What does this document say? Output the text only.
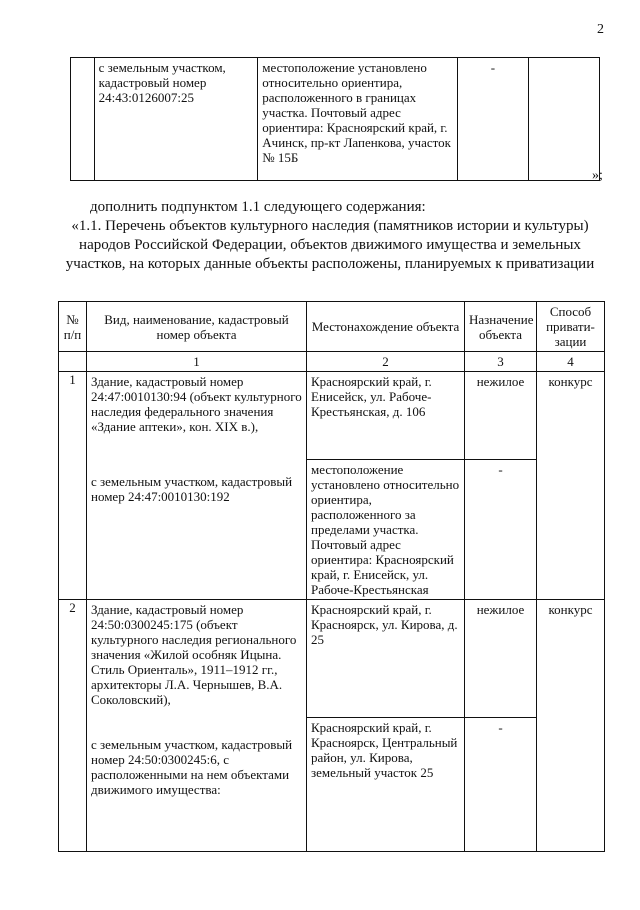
2
	с земельным участком, кадастровый номер 24:43:0126007:25	местоположение установлено относительно ориентира, расположенного в границах участка. Почтовый адрес ориентира: Красноярский край, г. Ачинск, пр-кт Лапенкова, участок № 15Б	-	
»;
дополнить подпунктом 1.1 следующего содержания:
«1.1. Перечень объектов культурного наследия (памятников истории и культуры) народов Российской Федерации, объектов движимого имущества и земельных участков, на которых данные объекты расположены, планируемых к приватизации
№ п/п	Вид, наименование, кадастровый номер объекта	Местонахождение объекта	Назначение объекта	Способ привати-зации
	1	2	3	4
1	Здание, кадастровый номер 24:47:0010130:94 (объект культурного наследия федерального значения «Здание аптеки», кон. XIX в.),
с земельным участком, кадастровый номер 24:47:0010130:192	Красноярский край, г. Енисейск, ул. Рабоче-Крестьянская, д. 106	нежилое	конкурс
		местоположение установлено относительно ориентира, расположенного за пределами участка. Почтовый адрес ориентира: Красноярский край, г. Енисейск, ул. Рабоче-Крестьянская	-	
2	Здание, кадастровый номер 24:50:0300245:175 (объект культурного наследия регионального значения «Жилой особняк Ицына. Стиль Ориенталь», 1911–1912 гг., архитекторы Л.А. Чернышев, В.А. Соколовский),
с земельным участком, кадастровый номер 24:50:0300245:6, с расположенными на нем объектами движимого имущества:	Красноярский край, г. Красноярск, ул. Кирова, д. 25	нежилое	конкурс
		Красноярский край, г. Красноярск, Центральный район, ул. Кирова, земельный участок 25	-	
